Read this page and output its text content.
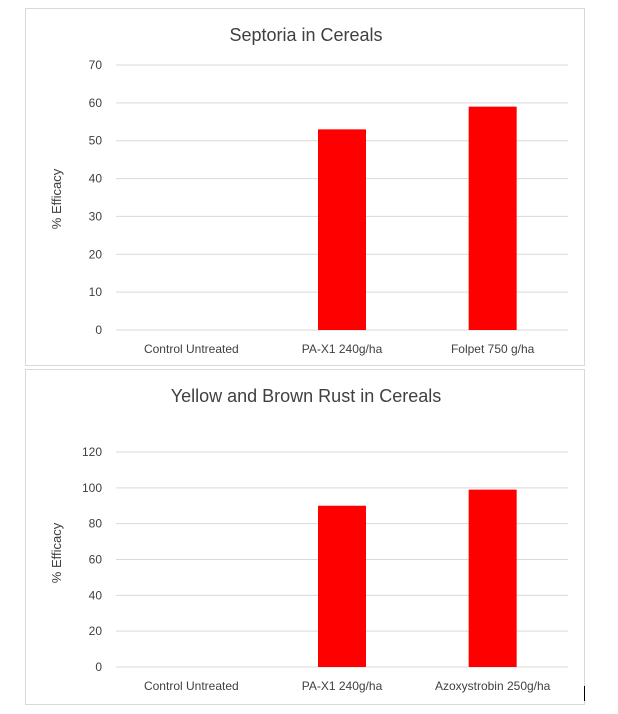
Septoria in Cereals
% Efficacy
0
10
20
30
40
50
60
70
Control Untreated	PA-X1 240g/ha	Folpet 750 g/ha
Yellow and Brown Rust in Cereals
% Efficacy
0
20
40
60
80
100
120
Control Untreated	PA-X1 240g/ha	Azoxystrobin 250g/ha
